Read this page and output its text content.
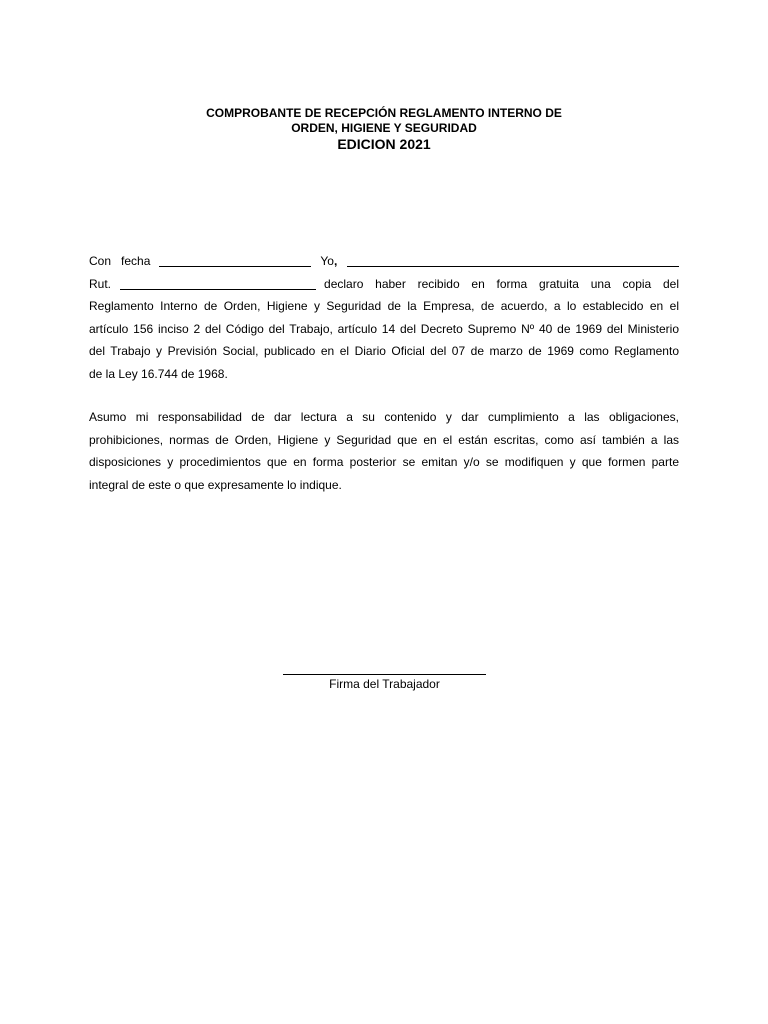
COMPROBANTE DE RECEPCIÓN REGLAMENTO INTERNO DE
ORDEN, HIGIENE Y SEGURIDAD
EDICION 2021
Con   fecha	Yo ,
Rut.	declaro haber recibido en forma gratuita una copia del
Reglamento Interno de Orden, Higiene y Seguridad de la Empresa, de acuerdo, a lo establecido en el
artículo 156 inciso 2 del Código del Trabajo, artículo 14 del Decreto Supremo Nº 40 de 1969 del Ministerio
del Trabajo y Previsión Social, publicado en el Diario Oficial del 07 de marzo de 1969 como Reglamento
de la Ley 16.744 de 1968.
Asumo mi responsabilidad de dar lectura a su contenido y dar cumplimiento a las obligaciones,
prohibiciones, normas de Orden, Higiene y Seguridad que en el están escritas, como así también a las
disposiciones y procedimientos que en forma posterior se emitan y/o se modifiquen y que formen parte
integral de este o que expresamente lo indique.
Firma del Trabajador
